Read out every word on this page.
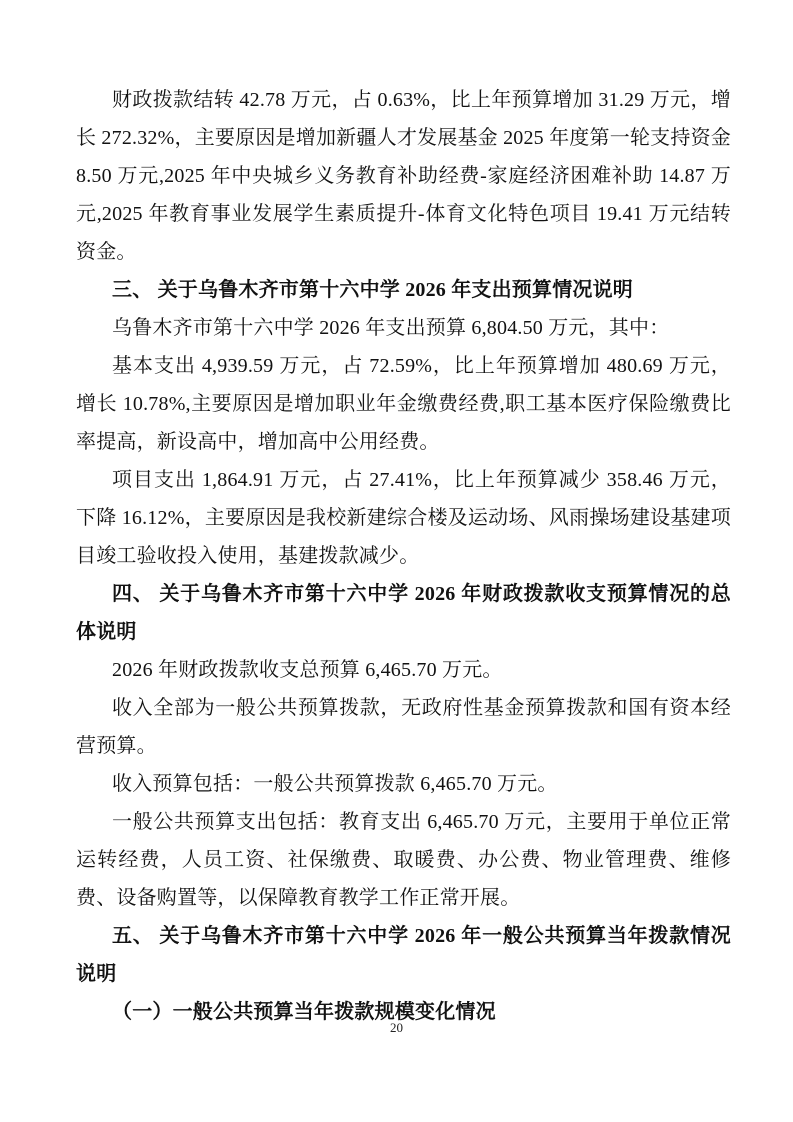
财政拨款结转 42.78 万元，占 0.63%，比上年预算增加 31.29 万元，增长 272.32%，主要原因是增加新疆人才发展基金 2025 年度第一轮支持资金 8.50 万元,2025 年中央城乡义务教育补助经费-家庭经济困难补助 14.87 万元,2025 年教育事业发展学生素质提升-体育文化特色项目 19.41 万元结转资金。

三、 关于乌鲁木齐市第十六中学 2026 年支出预算情况说明

乌鲁木齐市第十六中学 2026 年支出预算 6,804.50 万元，其中：

基本支出 4,939.59 万元，占 72.59%，比上年预算增加 480.69 万元，增长 10.78%,主要原因是增加职业年金缴费经费,职工基本医疗保险缴费比率提高，新设高中，增加高中公用经费。

项目支出 1,864.91 万元，占 27.41%，比上年预算减少 358.46 万元，下降 16.12%，主要原因是我校新建综合楼及运动场、风雨操场建设基建项目竣工验收投入使用，基建拨款减少。

四、 关于乌鲁木齐市第十六中学 2026 年财政拨款收支预算情况的总体说明

2026 年财政拨款收支总预算 6,465.70 万元。

收入全部为一般公共预算拨款，无政府性基金预算拨款和国有资本经营预算。

收入预算包括：一般公共预算拨款 6,465.70 万元。

一般公共预算支出包括：教育支出 6,465.70 万元，主要用于单位正常运转经费，人员工资、社保缴费、取暖费、办公费、物业管理费、维修费、设备购置等，以保障教育教学工作正常开展。

五、 关于乌鲁木齐市第十六中学 2026 年一般公共预算当年拨款情况说明

（一）一般公共预算当年拨款规模变化情况

20
